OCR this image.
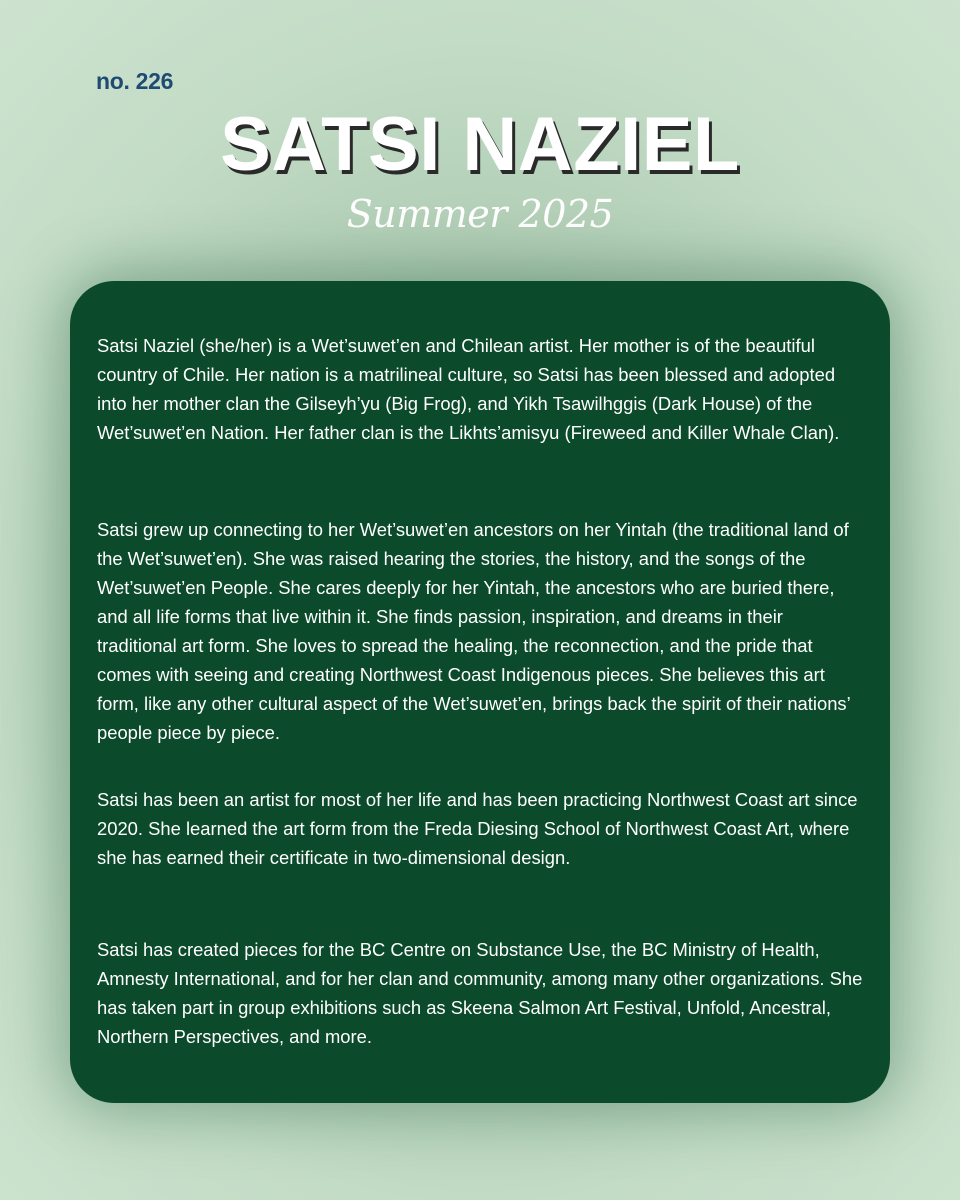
no. 226
SATSI NAZIEL
Summer 2025

Satsi Naziel (she/her) is a Wet’suwet’en and Chilean artist. Her mother is of the beautiful country of Chile. Her nation is a matrilineal culture, so Satsi has been blessed and adopted into her mother clan the Gilseyh’yu (Big Frog), and Yikh Tsawilhggis (Dark House) of the Wet’suwet’en Nation. Her father clan is the Likhts’amisyu (Fireweed and Killer Whale Clan).

Satsi grew up connecting to her Wet’suwet’en ancestors on her Yintah (the traditional land of the Wet’suwet’en). She was raised hearing the stories, the history, and the songs of the Wet’suwet’en People. She cares deeply for her Yintah, the ancestors who are buried there, and all life forms that live within it. She finds passion, inspiration, and dreams in their traditional art form. She loves to spread the healing, the reconnection, and the pride that comes with seeing and creating Northwest Coast Indigenous pieces. She believes this art form, like any other cultural aspect of the Wet’suwet’en, brings back the spirit of their nations’ people piece by piece.

Satsi has been an artist for most of her life and has been practicing Northwest Coast art since 2020. She learned the art form from the Freda Diesing School of Northwest Coast Art, where she has earned their certificate in two-dimensional design.

Satsi has created pieces for the BC Centre on Substance Use, the BC Ministry of Health, Amnesty International, and for her clan and community, among many other organizations. She has taken part in group exhibitions such as Skeena Salmon Art Festival, Unfold, Ancestral, Northern Perspectives, and more.
